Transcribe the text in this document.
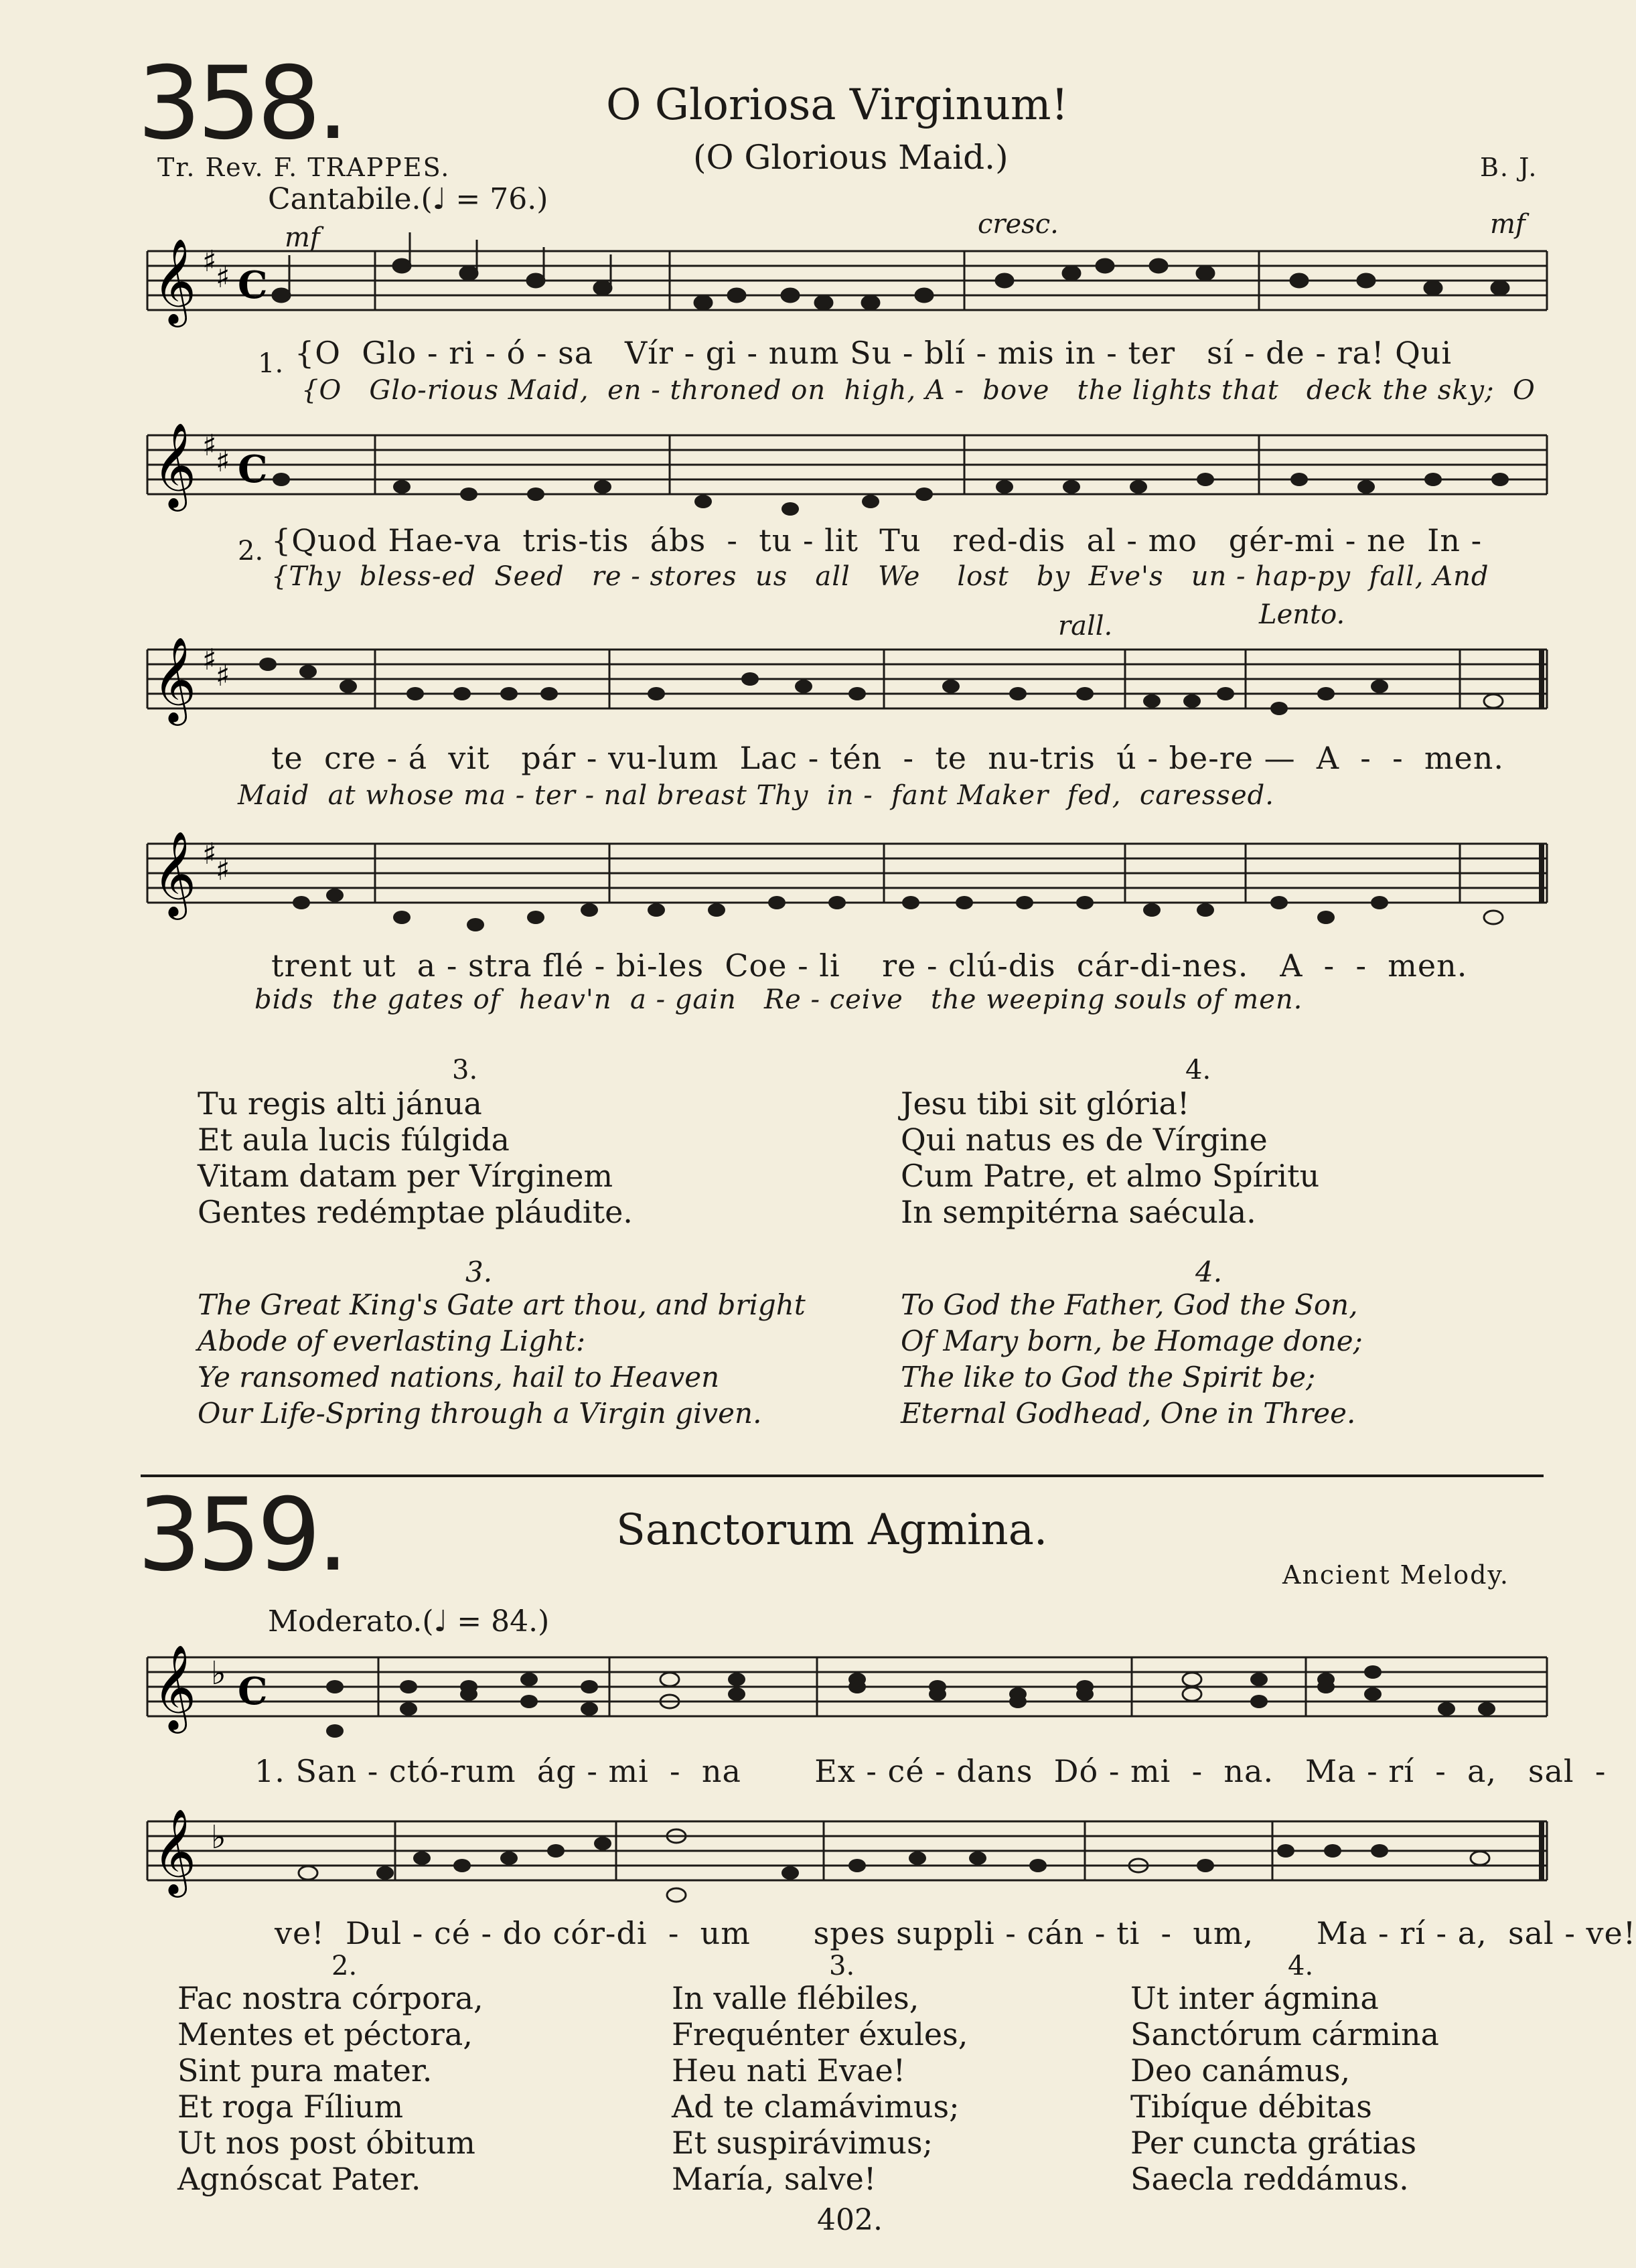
358.	O Gloriosa Virginum!
(O Glorious Maid.)
Tr. Rev. F. TRAPPES.	B. J.
Cantabile.(♩ = 76.)
𝄞 ♯
♯ C
mf	cresc.	mf
1. {O  Glo - ri - ó - sa   Vír - gi - num Su - blí - mis in - ter   sí - de - ra! Qui
{O   Glo-rious Maid,  en - throned on  high, A -  bove   the lights that   deck the sky;  O
𝄞 ♯
♯ C
2. {Quod Hae-va  tris-tis  ábs  -  tu - lit  Tu   red-dis  al - mo   gér-mi - ne  In -
{Thy  bless-ed  Seed   re - stores  us   all   We    lost   by  Eve's   un - hap-py  fall, And
𝄞 ♯
♯
rall.	Lento.
te  cre - á  vit   pár - vu-lum  Lac - tén  -  te  nu-tris  ú - be-re —  A  -  -  men.
Maid  at whose ma - ter - nal breast Thy  in -  fant Maker  fed,  caressed.
𝄞 ♯
♯
trent ut  a - stra flé - bi-les  Coe - li    re - clú-dis  cár-di-nes.   A  -  -  men.
bids  the gates of  heav'n  a - gain   Re - ceive   the weeping souls of men.
3.
Tu regis alti jánua
Et aula lucis fúlgida
Vitam datam per Vírginem
Gentes redémptae pláudite.
4.
Jesu tibi sit glória!
Qui natus es de Vírgine
Cum Patre, et almo Spíritu
In sempitérna saécula.
3.
The Great King's Gate art thou, and bright
Abode of everlasting Light:
Ye ransomed nations, hail to Heaven
Our Life-Spring through a Virgin given.
4.
To God the Father, God the Son,
Of Mary born, be Homage done;
The like to God the Spirit be;
Eternal Godhead, One in Three.
359.	Sanctorum Agmina.
Ancient Melody.
Moderato.(♩ = 84.)
𝄞 ♭ C
1. San - ctó-rum  ág - mi  -  na       Ex - cé - dans  Dó - mi  -  na.   Ma - rí  -  a,   sal  -
𝄞 ♭
ve!  Dul - cé - do cór-di  -  um      spes suppli - cán - ti  -  um,      Ma - rí - a,  sal - ve!
2.
Fac nostra córpora,
Mentes et péctora,
Sint pura mater.
Et roga Fílium
Ut nos post óbitum
Agnóscat Pater.
3.
In valle flébiles,
Frequénter éxules,
Heu nati Evae!
Ad te clamávimus;
Et suspirávimus;
María, salve!
4.
Ut inter ágmina
Sanctórum cármina
Deo canámus,
Tibíque débitas
Per cuncta grátias
Saecla reddámus.
402.
